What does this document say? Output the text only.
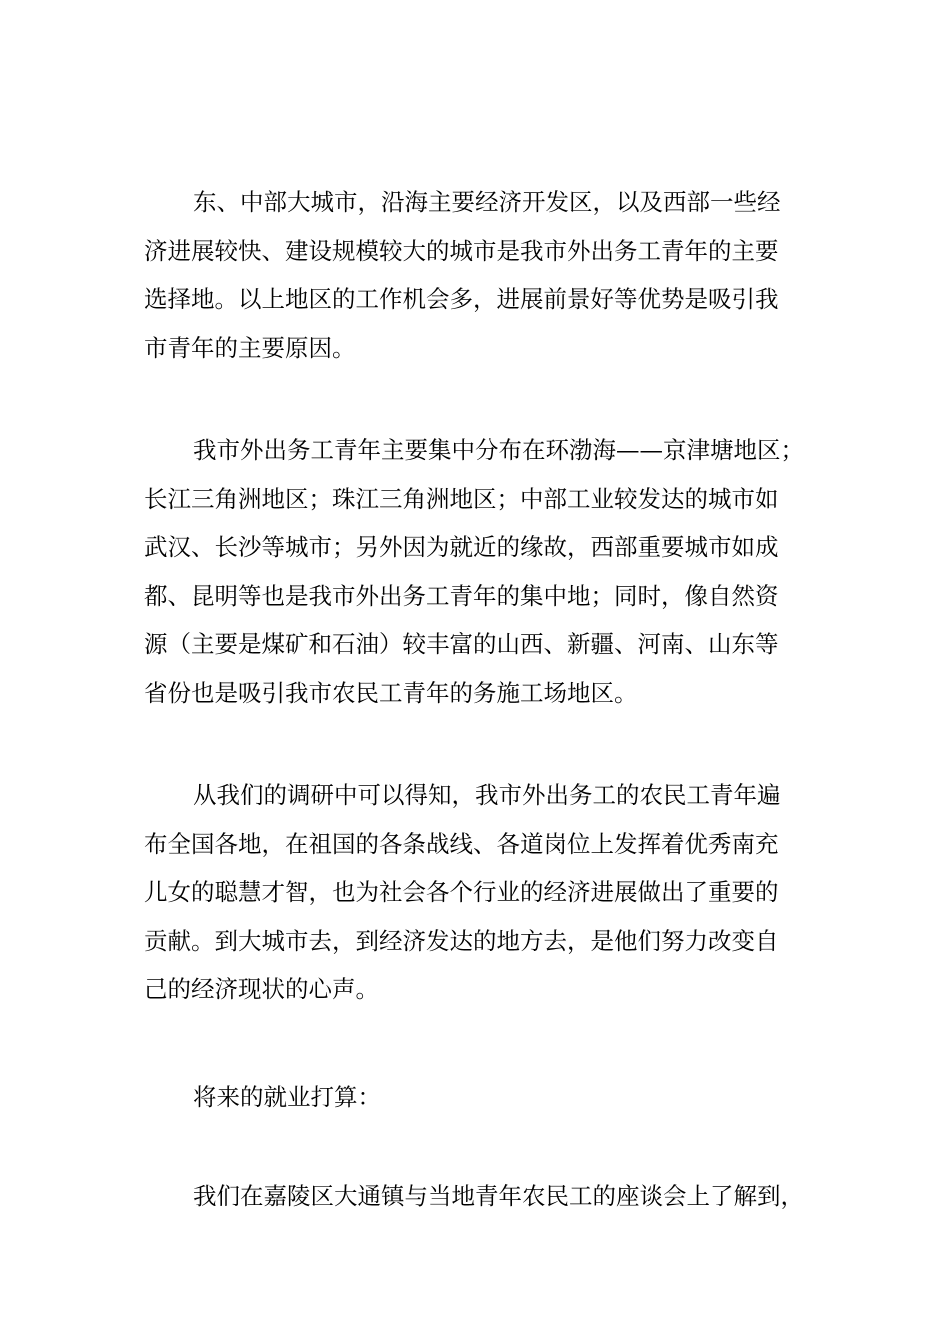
东、中部大城市，沿海主要经济开发区，以及西部一些经
济进展较快、建设规模较大的城市是我市外出务工青年的主要
选择地。以上地区的工作机会多，进展前景好等优势是吸引我
市青年的主要原因。
我市外出务工青年主要集中分布在环渤海——京津塘地区；
长江三角洲地区；珠江三角洲地区；中部工业较发达的城市如
武汉、长沙等城市；另外因为就近的缘故，西部重要城市如成
都、昆明等也是我市外出务工青年的集中地；同时，像自然资
源（主要是煤矿和石油）较丰富的山西、新疆、河南、山东等
省份也是吸引我市农民工青年的务施工场地区。
从我们的调研中可以得知，我市外出务工的农民工青年遍
布全国各地，在祖国的各条战线、各道岗位上发挥着优秀南充
儿女的聪慧才智，也为社会各个行业的经济进展做出了重要的
贡献。到大城市去，到经济发达的地方去，是他们努力改变自
己的经济现状的心声。
将来的就业打算：
我们在嘉陵区大通镇与当地青年农民工的座谈会上了解到，
